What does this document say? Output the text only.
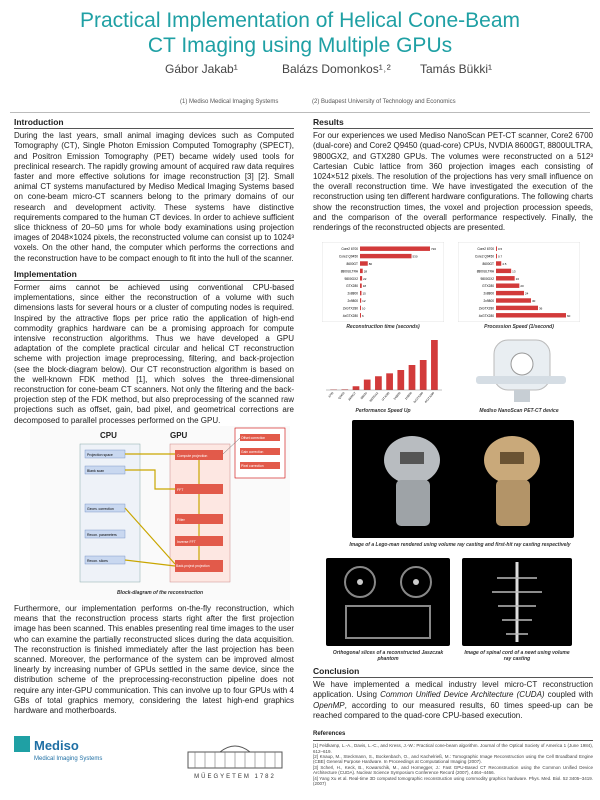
Practical Implementation of Helical Cone-Beam
CT Imaging using Multiple GPUs
Gábor Jakab¹	Balázs Domonkos¹˒² Tamás Bükki¹
(1) Mediso Medical Imaging Systems	(2) Budapest University of Technology and Economics
Introduction

During the last years, small animal imaging devices such as Computed Tomography (CT), Single Photon Emission Computed Tomography (SPECT), and Positron Emission Tomography (PET) became widely used tools for preclinical research. The rapidly growing amount of acquired raw data requires faster and more effective solutions for image reconstruction [3] [2]. Small animal CT systems manufactured by Mediso Medical Imaging Systems based on cone-beam micro-CT scanners belong to the primary domains of our research and development activity. These systems have distinctive requirements compared to the human CT devices. In order to achieve sufficient slice thickness of 20–50 μms for whole body examinations using projection images of 2048×1024 pixels, the reconstructed volume can consist up to 1024³ voxels. On the other hand, the computer which performs the corrections and the reconstruction have to be compact enough to fit into the hull of the scanner.

Implementation

Former aims cannot be achieved using conventional CPU-based implementations, since either the reconstruction of a volume with such dimensions lasts for several hours or a cluster of computing nodes is required. Inspired by the attractive flops per price ratio the application of high-end commodity graphics hardware can be a promising approach for compute intensive reconstruction algorithms. Thus we have developed a GPU adaptation of the complete practical circular and helical CT reconstruction scheme with projection image preprocessing, filtering, and back-projection (see the block-diagram below). Our CT reconstruction algorithm is based on the well-known FDK method [1], which solves the three-dimensional reconstruction for cone-beam CT scanners. Not only the filtering and the back-projection step of the FDK method, but also preprocessing of the scanned raw projections such as offset, gain, bad pixel, and geometrical corrections are decomposed to parallel processes performed on the GPU.

CPU	GPU
Projection space
Blank scan
Geom. correction
Recon. parameters
Recon. slices
Compute projection
FFT
Filter
Inverse FFT
Back-project projection
Offset correction
Gain correction
Pixel correction
Block-diagram of the reconstruction

Furthermore, our implementation performs on-the-fly reconstruction, which means that the reconstruction process starts right after the first projection image has been scanned. This enables presenting real time images to the user who can examine the partially reconstructed slices during the data acquisition. The reconstruction is finished immediately after the last projection has been scanned. Moreover, the performance of the system can be improved almost linearly by increasing number of GPUs settled in the same device, since the distribution scheme of the preprocessing-reconstruction pipeline does not require any inter-GPU communication. This can involve up to four GPUs with 4 GBs of total graphics memory, considering the latest high-end graphics hardware and motherboards.

Results

For our experiences we used Mediso NanoScan PET-CT scanner, Core2 6700 (dual-core) and Core2 Q9450 (quad-core) CPUs, NVDIA 8600GT, 8800ULTRA, 9800GX2, and GTX280 GPUs. The volumes were reconstructed on a 512³ Cartesian Cubic lattice from 360 projection images each consisting of 1024×512 pixels. The resolution of the projections has very small influence on the overall reconstruction time. We have investigated the execution of the reconstruction using ten different hardware configurations. The following charts show the reconstruction times, the voxel and projection procession speeds, and the comparison of the overall performance respectively. Finally, the renderings of the reconstructed objects are presented.

Core2 6700	720
Core2 Q9450	530
8600GT	80
8800ULTRA 28
9800GX2 22
GTX280 18
2x8800 15
2x9800 12
2xGTX280 10
4xGTX280 6
Reconstruction time (seconds)
Core2 6700 0.5
Core2 Q9450 0.7
8600GT	4.5
8800ULTRA	13
9800GX2	16
GTX280	20
2x8800	24
2x9800	30
2xGTX280	36
4xGTX280	60
Procession Speed (1/second)
6700 Q9450 8600GT 8800U 9800GX2 GTX280 2x8800 2x9800 2xGTX280 4xGTX280
Performance Speed Up	Mediso NanoScan PET-CT device
Image of a Lego-man rendered using volume ray casting and first-hit ray casting respectively
Orthogonal slices of a reconstructed Jaszczak phantom
Image of spinal cord of a newt using volume ray casting
Conclusion

We have implemented a medical industry level micro-CT reconstruction application. Using Common Unified Device Architecture (CUDA) coupled with OpenMP, according to our measured results, 60 times speed-up can be reached compared to the quad-core CPU-based execution.

References
[1] Feldkamp, L.-A., Davis, L.-C., and Kress, J.-W.: Practical cone-beam algorithm. Journal of the Optical Society of America 1 (June 1984), 612–619.
[2] Knaup, M., Steckmann, S., Bockenbach, O., and Kachelrieß, M.: Tomographic Image Reconstruction using the Cell Broadband Engine (CBE) General Purpose Hardware. In Proceedings at Computational Imaging (2007).
[3] Scherl, H., Keck, B., Kowarschik, M., and Hornegger, J.: Fast GPU-Based CT Reconstruction using the Common Unified Device Architecture (CUDA). Nuclear Science Symposium Conference Record (2007), 4464–4466.
[4] Yang Xu et al. Real-time 3D computed tomographic reconstruction using commodity graphics hardware. Phys. Med. Biol. 52 3405–3419. (2007)
Mediso
Medical Imaging Systems
MŰEGYETEM 1782
